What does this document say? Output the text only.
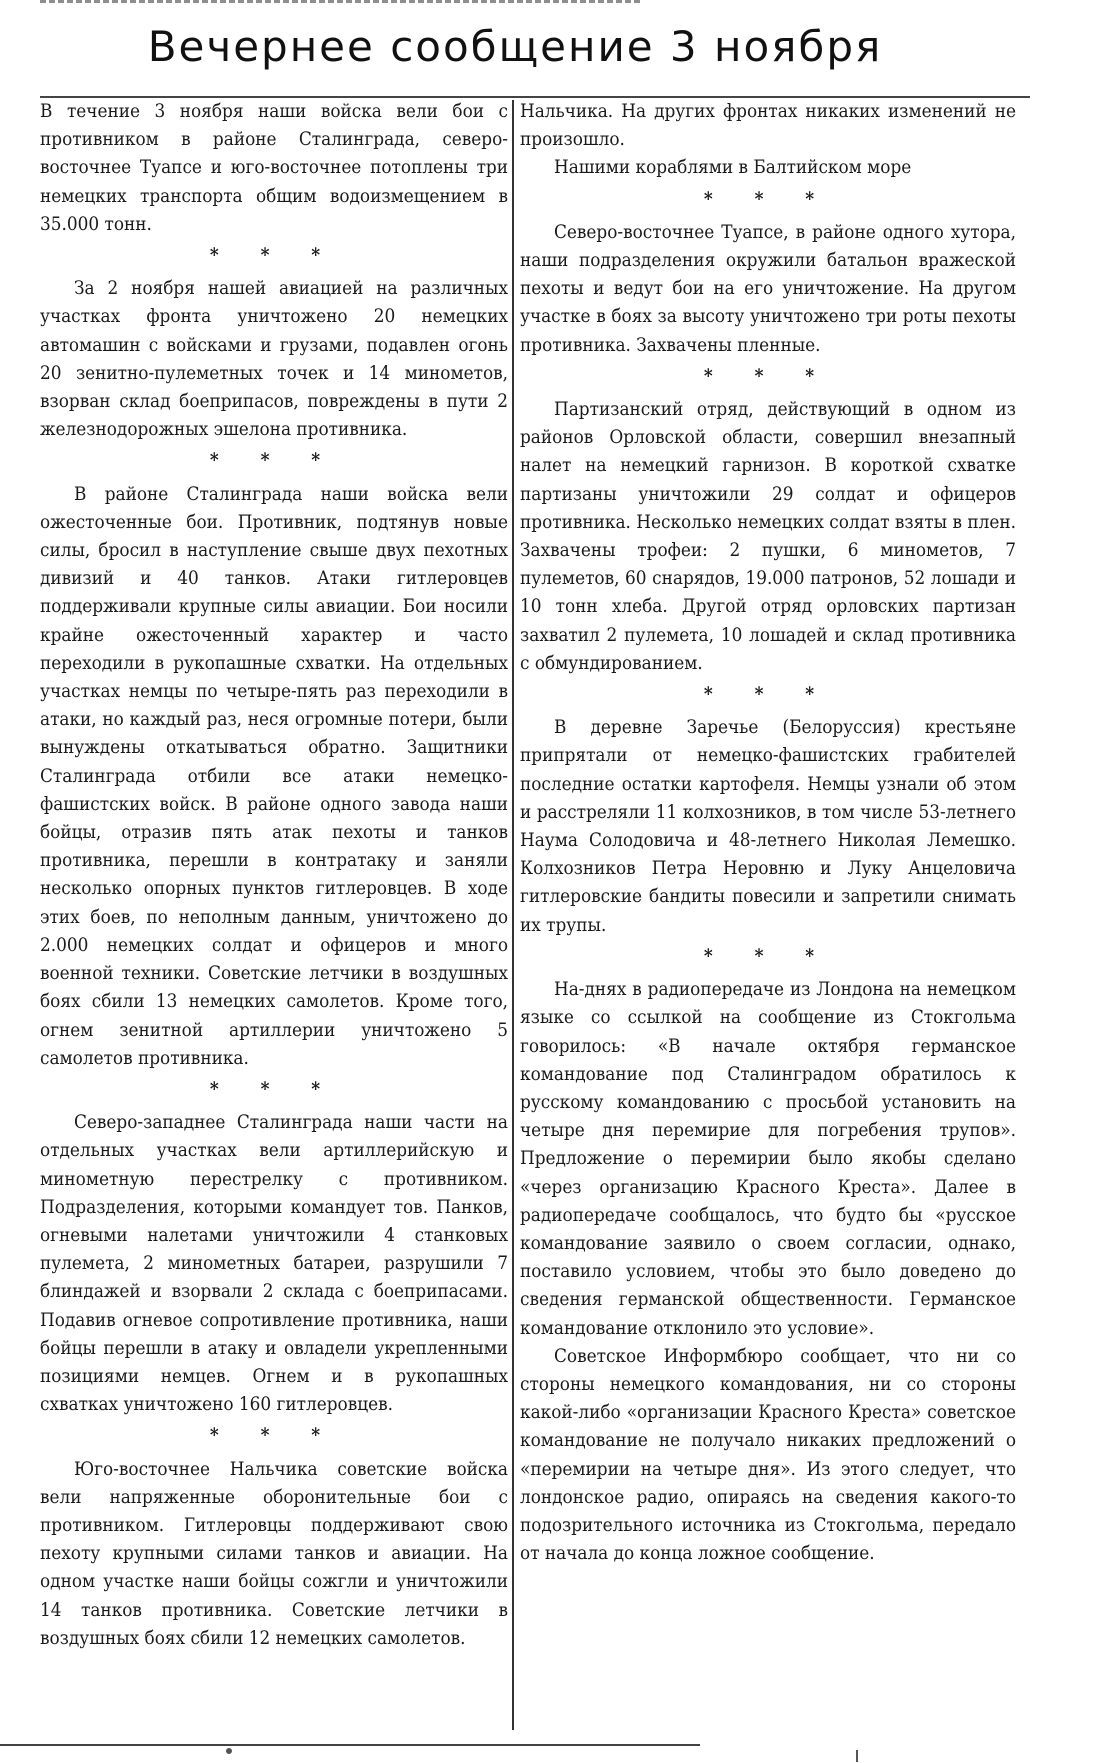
Вечернее сообщение 3 ноября

В течение 3 ноября наши войска вели бои с противником в районе Сталинграда, северо-восточнее Туапсе и юго-восточнее потоплены три немецких транспорта общим водоизмещением в 35.000 тонн.

* * *

За 2 ноября нашей авиацией на различных участках фронта уничтожено 20 немецких автомашин с войсками и грузами, подавлен огонь 20 зенитно-пулеметных точек и 14 минометов, взорван склад боеприпасов, повреждены в пути 2 железнодорожных эшелона противника.

* * *

В районе Сталинграда наши войска вели ожесточенные бои. Противник, подтянув новые силы, бросил в наступление свыше двух пехотных дивизий и 40 танков. Атаки гитлеровцев поддерживали крупные силы авиации. Бои носили крайне ожесточенный характер и часто переходили в рукопашные схватки. На отдельных участках немцы по четыре-пять раз переходили в атаки, но каждый раз, неся огромные потери, были вынуждены откатываться обратно. Защитники Сталинграда отбили все атаки немецко-фашистских войск. В районе одного завода наши бойцы, отразив пять атак пехоты и танков противника, перешли в контратаку и заняли несколько опорных пунктов гитлеровцев. В ходе этих боев, по неполным данным, уничтожено до 2.000 немецких солдат и офицеров и много военной техники. Советские летчики в воздушных боях сбили 13 немецких самолетов. Кроме того, огнем зенитной артиллерии уничтожено 5 самолетов противника.

* * *

Северо-западнее Сталинграда наши части на отдельных участках вели артиллерийскую и минометную перестрелку с противником. Подразделения, которыми командует тов. Панков, огневыми налетами уничтожили 4 станковых пулемета, 2 минометных батареи, разрушили 7 блиндажей и взорвали 2 склада с боеприпасами. Подавив огневое сопротивление противника, наши бойцы перешли в атаку и овладели укрепленными позициями немцев. Огнем и в рукопашных схватках уничтожено 160 гитлеровцев.

* * *

Юго-восточнее Нальчика советские войска вели напряженные оборонительные бои с противником. Гитлеровцы поддерживают свою пехоту крупными силами танков и авиации. На одном участке наши бойцы сожгли и уничтожили 14 танков противника. Советские летчики в воздушных боях сбили 12 немецких самолетов.

Нальчика. На других фронтах никаких изменений не произошло.

Нашими кораблями в Балтийском море

* * *

Северо-восточнее Туапсе, в районе одного хутора, наши подразделения окружили батальон вражеской пехоты и ведут бои на его уничтожение. На другом участке в боях за высоту уничтожено три роты пехоты противника. Захвачены пленные.

* * *

Партизанский отряд, действующий в одном из районов Орловской области, совершил внезапный налет на немецкий гарнизон. В короткой схватке партизаны уничтожили 29 солдат и офицеров противника. Несколько немецких солдат взяты в плен. Захвачены трофеи: 2 пушки, 6 минометов, 7 пулеметов, 60 снарядов, 19.000 патронов, 52 лошади и 10 тонн хлеба. Другой отряд орловских партизан захватил 2 пулемета, 10 лошадей и склад противника с обмундированием.

* * *

В деревне Заречье (Белоруссия) крестьяне припрятали от немецко-фашистских грабителей последние остатки картофеля. Немцы узнали об этом и расстреляли 11 колхозников, в том числе 53-летнего Наума Солодовича и 48-летнего Николая Лемешко. Колхозников Петра Неровню и Луку Анцеловича гитлеровские бандиты повесили и запретили снимать их трупы.

* * *

На-днях в радиопередаче из Лондона на немецком языке со ссылкой на сообщение из Стокгольма говорилось: «В начале октября германское командование под Сталинградом обратилось к русскому командованию с просьбой установить на четыре дня перемирие для погребения трупов». Предложение о перемирии было якобы сделано «через организацию Красного Креста». Далее в радиопередаче сообщалось, что будто бы «русское командование заявило о своем согласии, однако, поставило условием, чтобы это было доведено до сведения германской общественности. Германское командование отклонило это условие».

Советское Информбюро сообщает, что ни со стороны немецкого командования, ни со стороны какой-либо «организации Красного Креста» советское командование не получало никаких предложений о «перемирии на четыре дня». Из этого следует, что лондонское радио, опираясь на сведения какого-то подозрительного источника из Стокгольма, передало от начала до конца ложное сообщение.
